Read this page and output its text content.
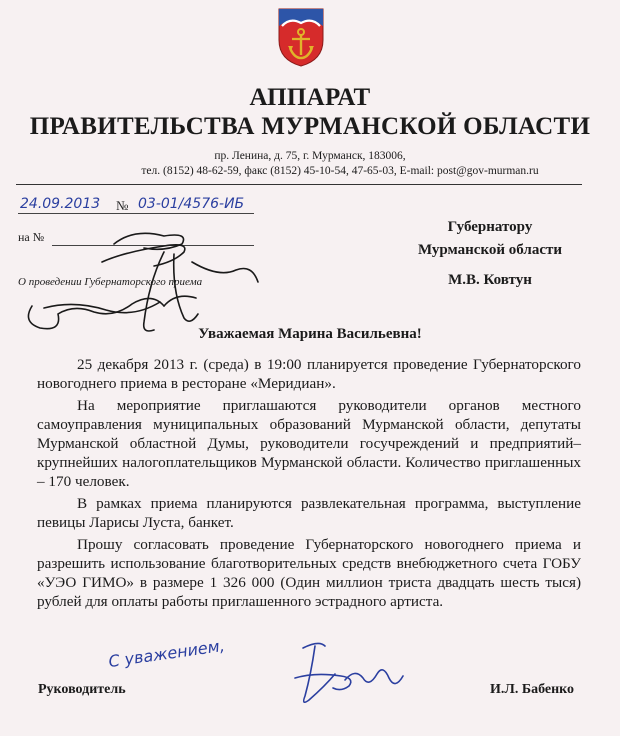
АППАРАТ
ПРАВИТЕЛЬСТВА МУРМАНСКОЙ ОБЛАСТИ

пр. Ленина, д. 75, г. Мурманск, 183006,

тел. (8152) 48-62-59, факс (8152) 45-10-54, 47-65-03, E-mail: post@gov-murman.ru

24.09.2013 № 03-01/4576-ИБ
на №
О проведении Губернаторского приема
Губернатору
Мурманской области
М.В. Ковтун
Уважаемая Марина Васильевна!

25 декабря 2013 г. (среда) в 19:00 планируется проведение Губернаторского новогоднего приема в ресторане «Меридиан».

На мероприятие приглашаются руководители органов местного самоуправления муниципальных образований Мурманской области, депутаты Мурманской областной Думы, руководители госучреждений и предприятий– крупнейших налогоплательщиков Мурманской области. Количество приглашенных – 170 человек.

В рамках приема планируются развлекательная программа, выступление певицы Ларисы Луста, банкет.

Прошу согласовать проведение Губернаторского новогоднего приема и разрешить использование благотворительных средств внебюджетного счета ГОБУ «УЭО ГИМО» в размере 1 326 000 (Один миллион триста двадцать шесть тыся) рублей для оплаты работы приглашенного эстрадного артиста.

С уважением,
Руководитель	И.Л. Бабенко
